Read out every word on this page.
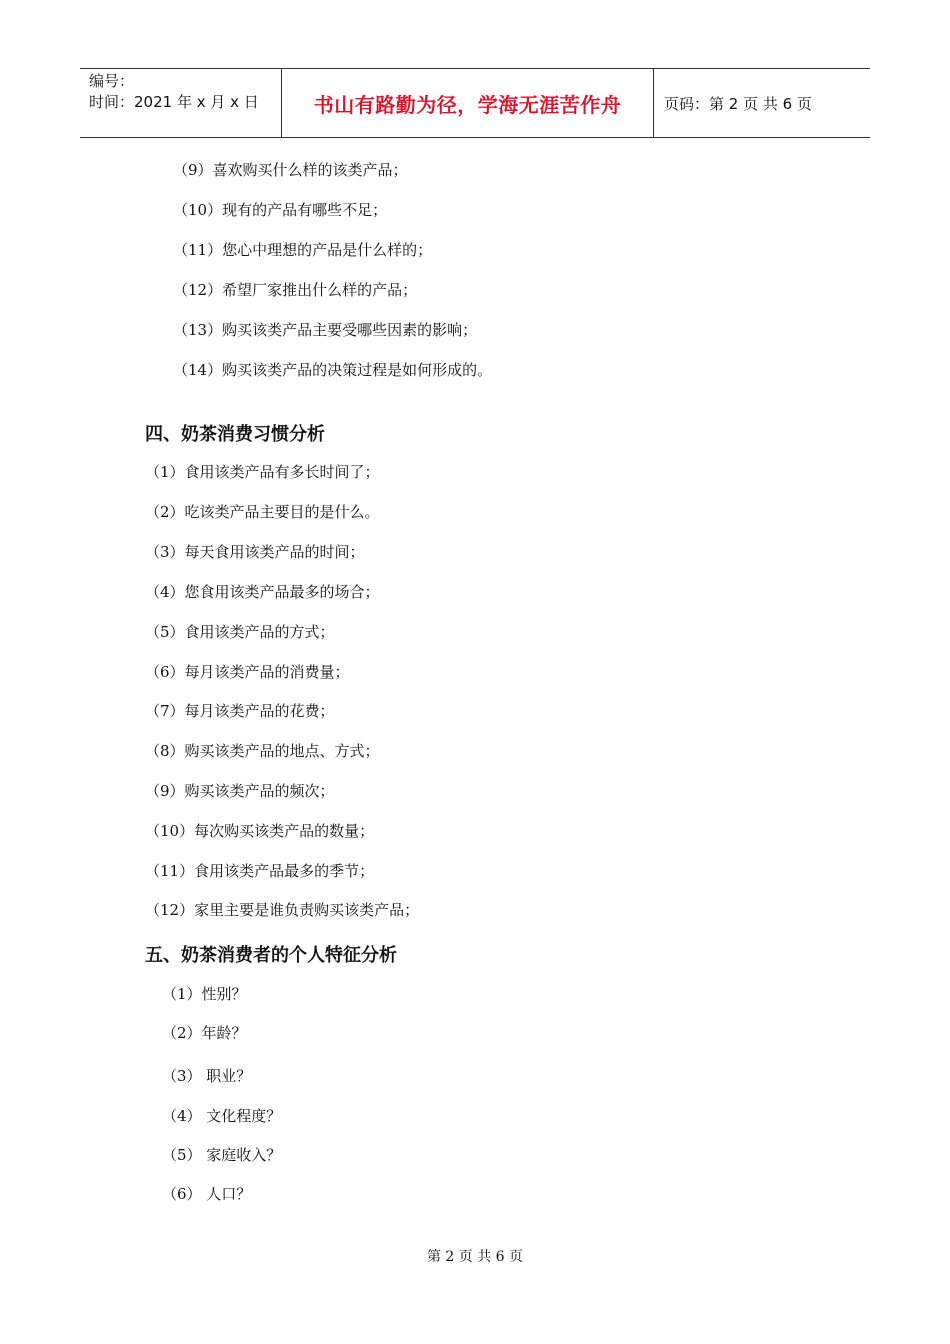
编号：
时间：2021 年 x 月 x 日	书山有路勤为径，学海无涯苦作舟	页码：第 2 页 共 6 页
（9）喜欢购买什么样的该类产品；
（10）现有的产品有哪些不足；
（11）您心中理想的产品是什么样的；
（12）希望厂家推出什么样的产品；
（13）购买该类产品主要受哪些因素的影响；
（14）购买该类产品的决策过程是如何形成的。
四、奶茶消费习惯分析
（1）食用该类产品有多长时间了；
（2）吃该类产品主要目的是什么。
（3）每天食用该类产品的时间；
（4）您食用该类产品最多的场合；
（5）食用该类产品的方式；
（6）每月该类产品的消费量；
（7）每月该类产品的花费；
（8）购买该类产品的地点、方式；
（9）购买该类产品的频次；
（10）每次购买该类产品的数量；
（11）食用该类产品最多的季节；
（12）家里主要是谁负责购买该类产品；
五、奶茶消费者的个人特征分析
（1）性别？
（2）年龄？
（3） 职业？
（4） 文化程度？
（5） 家庭收入？
（6） 人口？
第 2 页 共 6 页
